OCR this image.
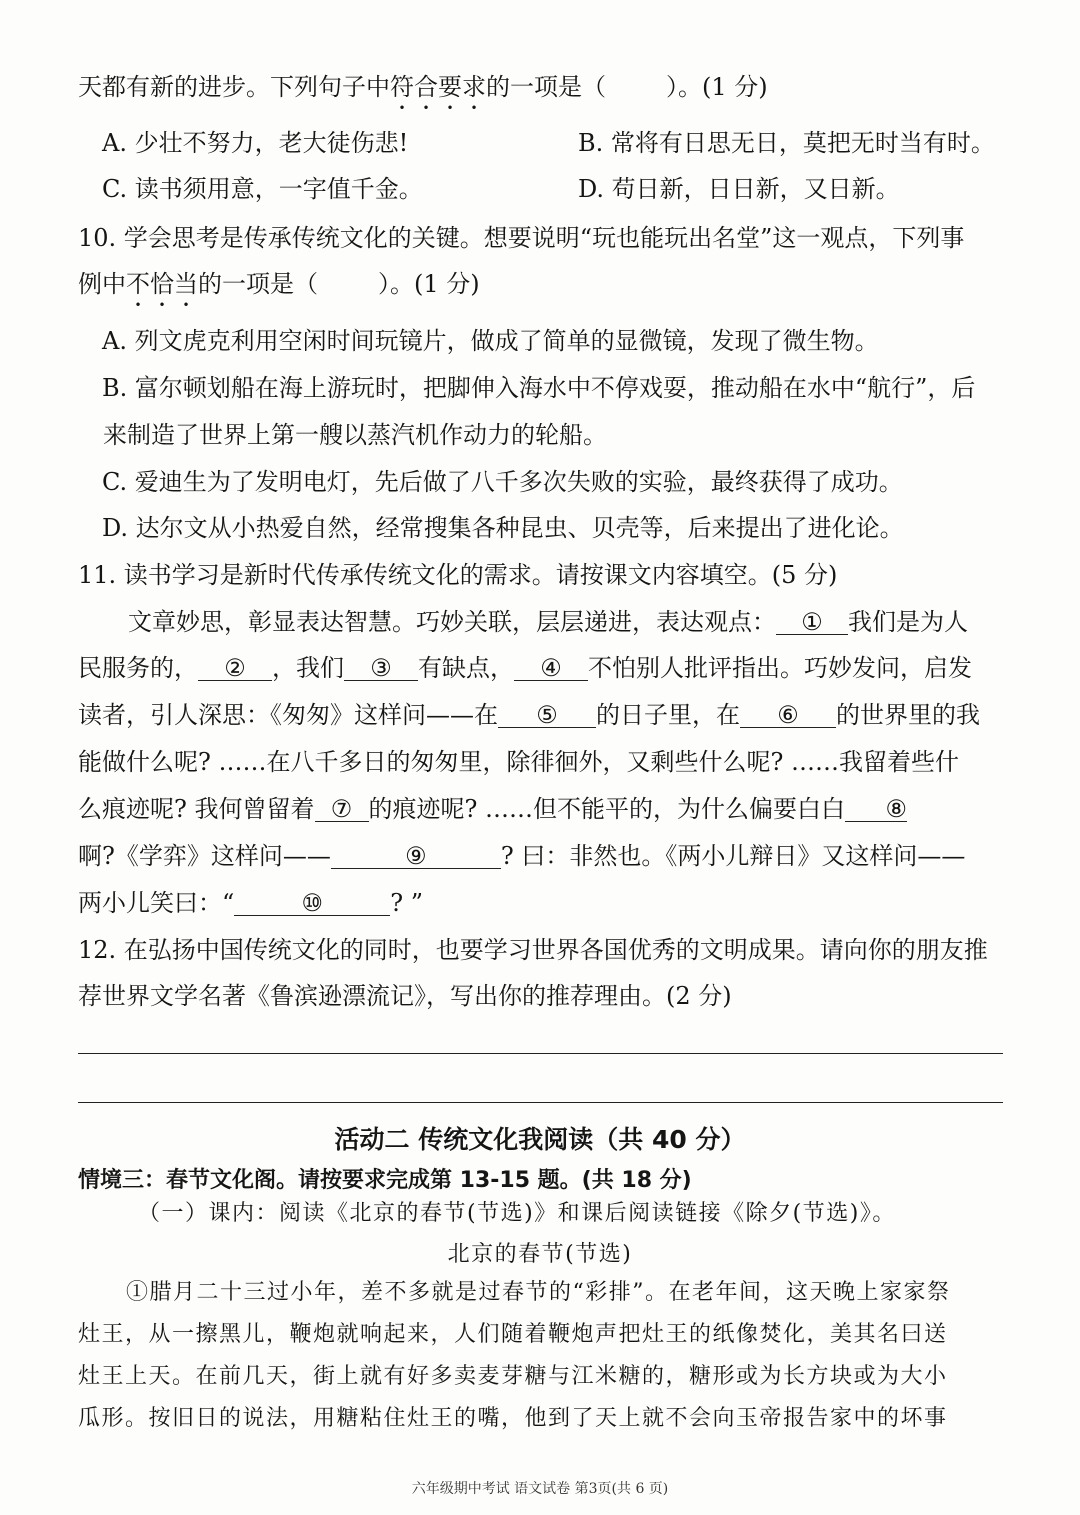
天都有新的进步。下列句子中符合要求的一项是（	）。(1 分)
A. 少壮不努力，老大徒伤悲!	B. 常将有日思无日，莫把无时当有时。
C. 读书须用意，一字值千金。	D. 苟日新，日日新，又日新。
10. 学会思考是传承传统文化的关键。想要说明“玩也能玩出名堂”这一观点，下列事
例中不恰当的一项是（	）。(1 分)
A. 列文虎克利用空闲时间玩镜片，做成了简单的显微镜，发现了微生物。
B. 富尔顿划船在海上游玩时，把脚伸入海水中不停戏耍，推动船在水中“航行”，后
来制造了世界上第一艘以蒸汽机作动力的轮船。
C. 爱迪生为了发明电灯，先后做了八千多次失败的实验，最终获得了成功。
D. 达尔文从小热爱自然，经常搜集各种昆虫、贝壳等，后来提出了进化论。
11. 读书学习是新时代传承传统文化的需求。请按课文内容填空。(5 分)
文章妙思，彰显表达智慧。巧妙关联，层层递进，表达观点： ① 我们是为人
民服务的， ② ，我们 ③ 有缺点， ④ 不怕别人批评指出。巧妙发问，启发
读者，引人深思：《匆匆》这样问——在 ⑤ 的日子里，在 ⑥ 的世界里的我
能做什么呢? ……在八千多日的匆匆里，除徘徊外，又剩些什么呢? ……我留着些什
么痕迹呢? 我何曾留着 ⑦ 的痕迹呢? ……但不能平的，为什么偏要白白 ⑧
啊?《学弈》这样问——	⑨	? 曰：非然也。《两小儿辩日》又这样问——
两小儿笑曰：“	⑩	? ”
12. 在弘扬中国传统文化的同时，也要学习世界各国优秀的文明成果。请向你的朋友推
荐世界文学名著《鲁滨逊漂流记》，写出你的推荐理由。(2 分)
活动二 传统文化我阅读（共 40 分）
情境三：春节文化阁。请按要求完成第 13-15 题。(共 18 分)
（一）课内：阅读《北京的春节(节选)》和课后阅读链接《除夕(节选)》。
北京的春节(节选)
①腊月二十三过小年，差不多就是过春节的“彩排”。在老年间，这天晚上家家祭
灶王，从一擦黑儿，鞭炮就响起来，人们随着鞭炮声把灶王的纸像焚化，美其名曰送
灶王上天。在前几天，街上就有好多卖麦芽糖与江米糖的，糖形或为长方块或为大小
瓜形。按旧日的说法，用糖粘住灶王的嘴，他到了天上就不会向玉帝报告家中的坏事
六年级期中考试 语文试卷 第3页(共 6 页)
